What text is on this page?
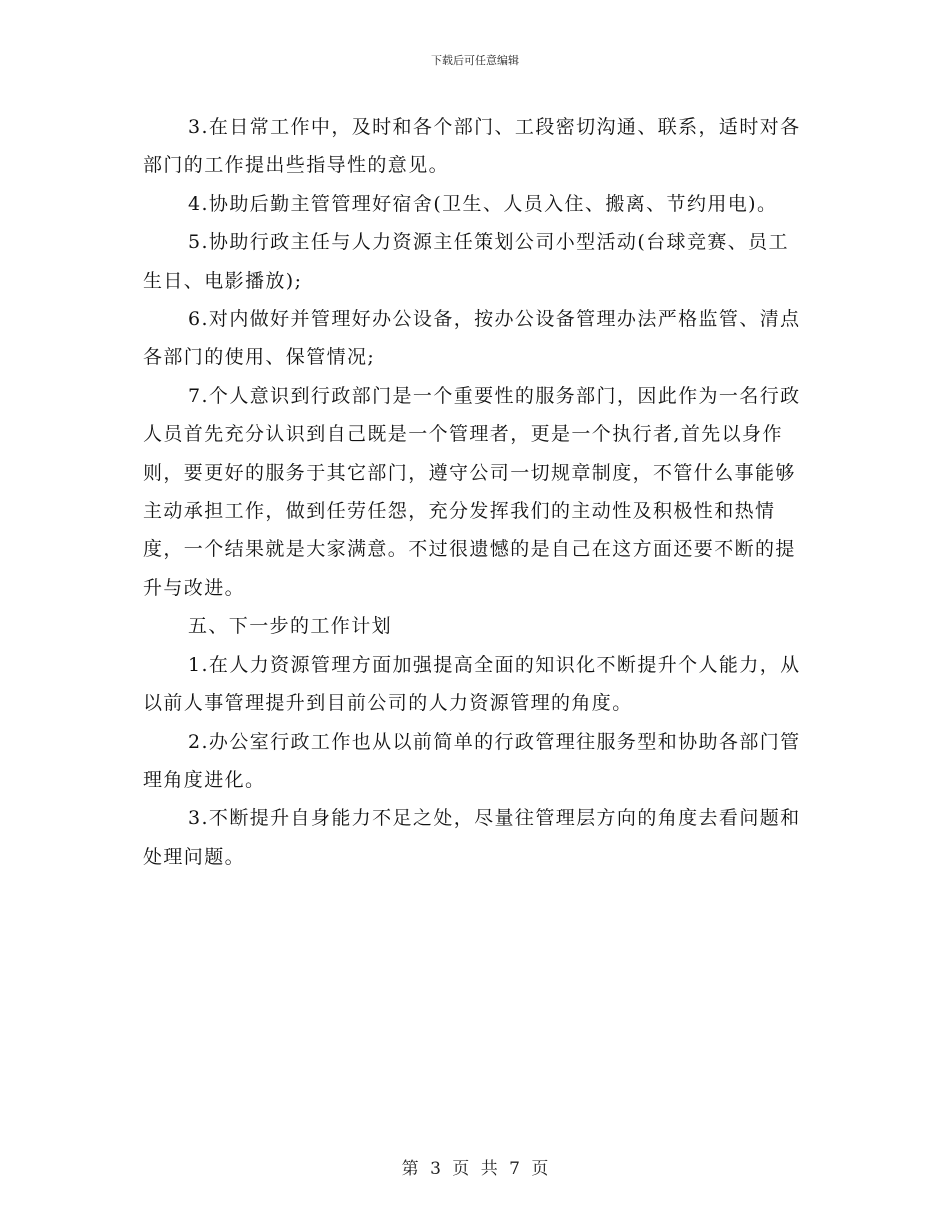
下载后可任意编辑

3.在日常工作中，及时和各个部门、工段密切沟通、联系，适时对各部门的工作提出些指导性的意见。

4.协助后勤主管管理好宿舍(卫生、人员入住、搬离、节约用电)。

5.协助行政主任与人力资源主任策划公司小型活动(台球竞赛、员工生日、电影播放);

6.对内做好并管理好办公设备，按办公设备管理办法严格监管、清点各部门的使用、保管情况;

7.个人意识到行政部门是一个重要性的服务部门，因此作为一名行政人员首先充分认识到自己既是一个管理者，更是一个执行者,首先以身作则，要更好的服务于其它部门，遵守公司一切规章制度，不管什么事能够主动承担工作，做到任劳任怨，充分发挥我们的主动性及积极性和热情度，一个结果就是大家满意。不过很遗憾的是自己在这方面还要不断的提升与改进。

五、下一步的工作计划

1.在人力资源管理方面加强提高全面的知识化不断提升个人能力，从以前人事管理提升到目前公司的人力资源管理的角度。

2.办公室行政工作也从以前简单的行政管理往服务型和协助各部门管理角度进化。

3.不断提升自身能力不足之处，尽量往管理层方向的角度去看问题和处理问题。

第 3 页 共 7 页
